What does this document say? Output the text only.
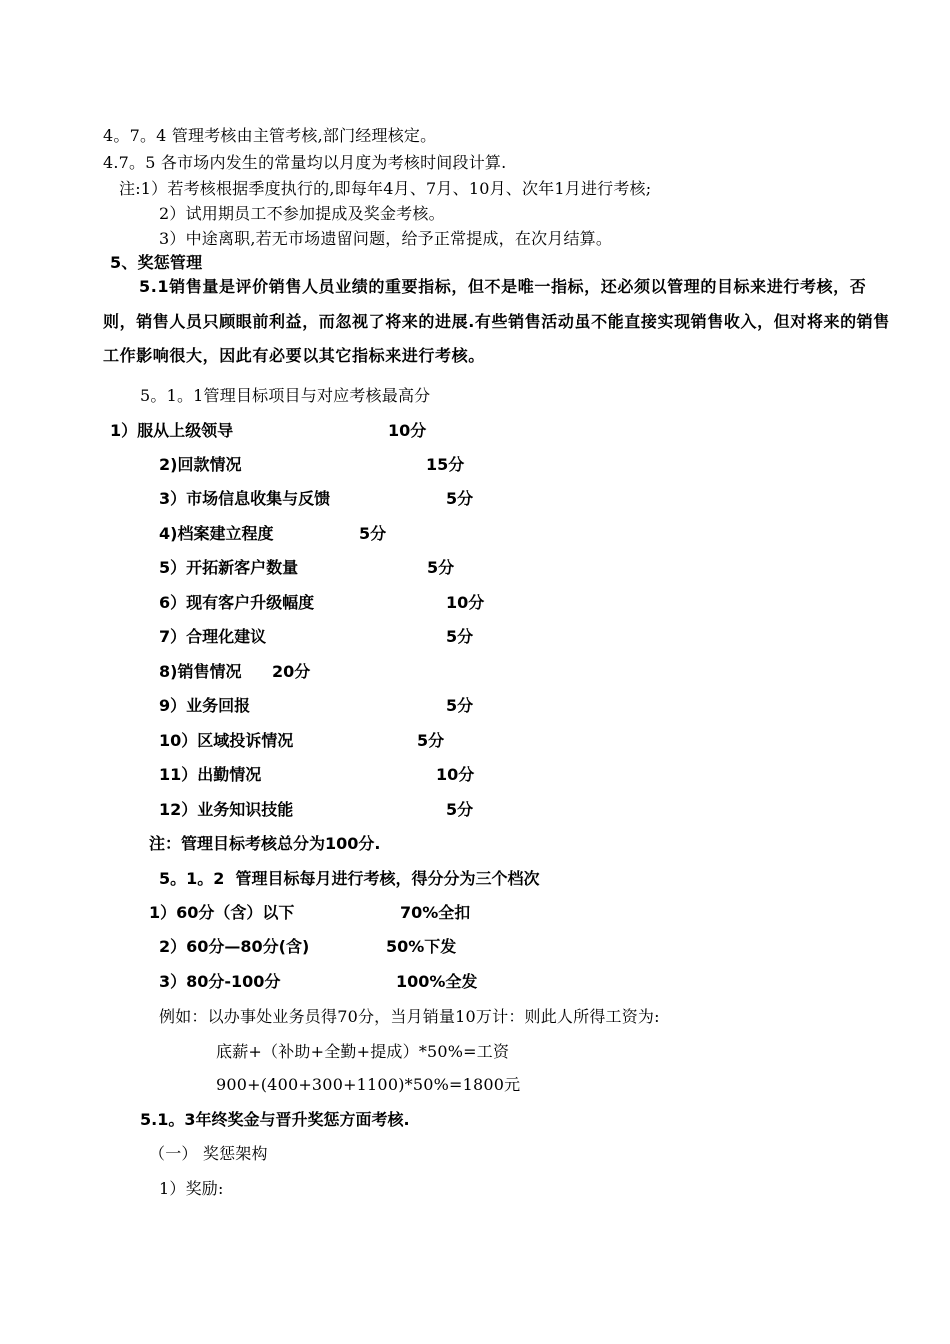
4。7。4 管理考核由主管考核,部门经理核定。
4.7。5 各市场内发生的常量均以月度为考核时间段计算.
注:1）若考核根据季度执行的,即每年4月、7月、10月、次年1月进行考核;
2）试用期员工不参加提成及奖金考核。
3）中途离职,若无市场遗留问题，给予正常提成，在次月结算。
5、奖惩管理
5.1销售量是评价销售人员业绩的重要指标，但不是唯一指标，还必须以管理的目标来进行考核，否则，销售人员只顾眼前利益，而忽视了将来的进展.有些销售活动虽不能直接实现销售收入，但对将来的销售工作影响很大，因此有必要以其它指标来进行考核。
5。1。1管理目标项目与对应考核最高分
1）服从上级领导	10分
2)回款情况	15分
3）市场信息收集与反馈	5分
4)档案建立程度	5分
5）开拓新客户数量	5分
6）现有客户升级幅度	10分
7）合理化建议	5分
8)销售情况 20分
9）业务回报	5分
10）区域投诉情况	5分
11）出勤情况	10分
12）业务知识技能	5分
注：管理目标考核总分为100分.
5。1。2  管理目标每月进行考核，得分分为三个档次
1）60分（含）以下	70%全扣
2）60分—80分(含)	50%下发
3）80分-100分	100%全发
例如：以办事处业务员得70分，当月销量10万计：则此人所得工资为:
底薪+（补助+全勤+提成）*50%=工资
900+(400+300+1100)*50%=1800元
5.1。3年终奖金与晋升奖惩方面考核.
（一） 奖惩架构
1）奖励:
